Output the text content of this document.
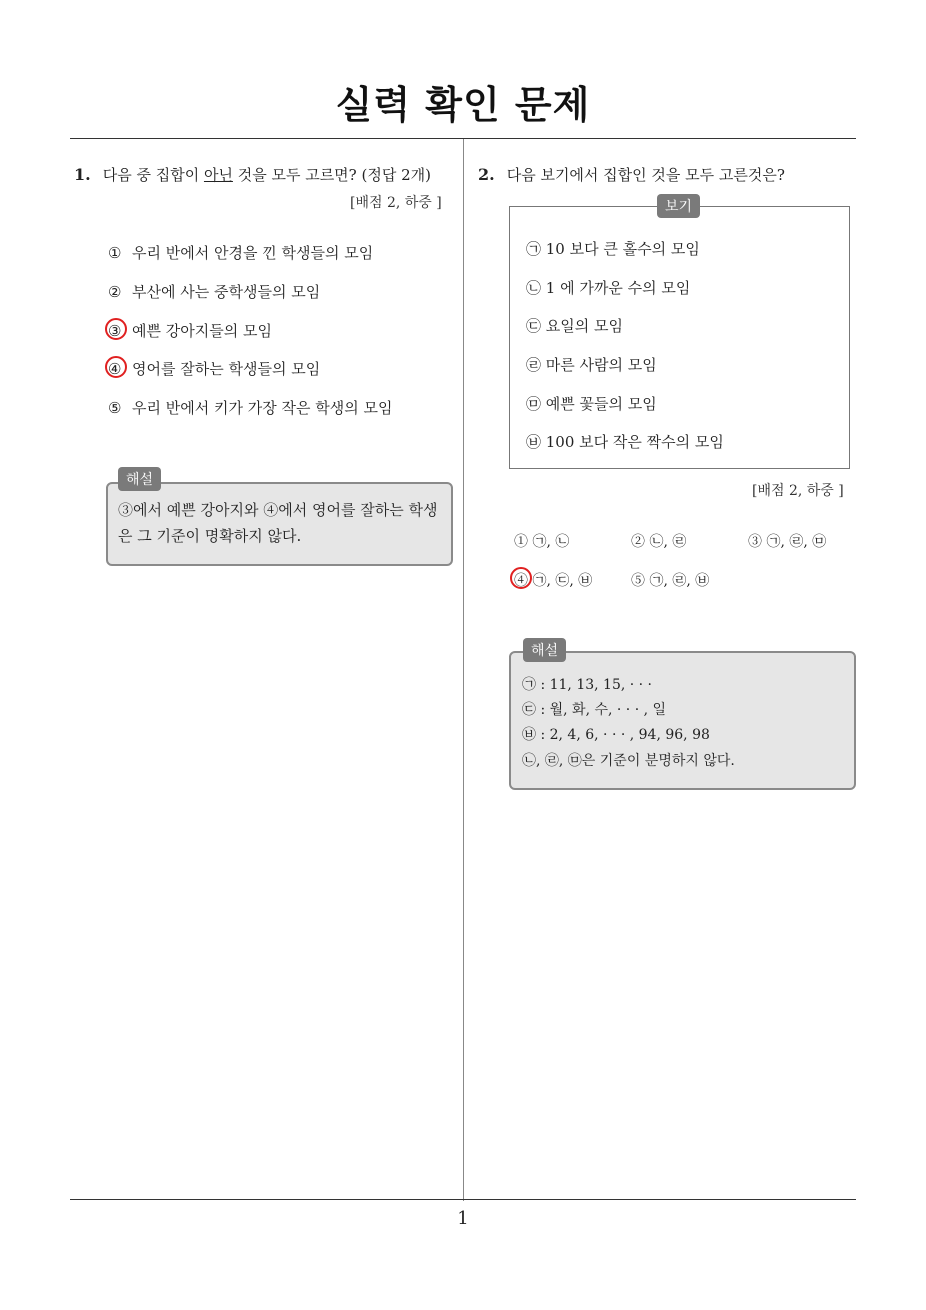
실력 확인 문제
1. 다음 중 집합이 아닌 것을 모두 고르면? (정답 2개)
[배점 2, 하중 ]
① 우리 반에서 안경을 낀 학생들의 모임
② 부산에 사는 중학생들의 모임
③ 예쁜 강아지들의 모임
④ 영어를 잘하는 학생들의 모임
⑤ 우리 반에서 키가 가장 작은 학생의 모임
해설
③에서 예쁜 강아지와 ④에서 영어를 잘하는 학생
은 그 기준이 명확하지 않다.
2. 다음 보기에서 집합인 것을 모두 고른것은?
보기
㉠ 10 보다 큰 홀수의 모임
㉡ 1 에 가까운 수의 모임
㉢ 요일의 모임
㉣ 마른 사람의 모임
㉤ 예쁜 꽃들의 모임
㉥ 100 보다 작은 짝수의 모임
[배점 2, 하중 ]
① ㉠, ㉡	② ㉡, ㉣	③ ㉠, ㉣, ㉤
④ ㉠, ㉢, ㉥	⑤ ㉠, ㉣, ㉥
해설
㉠ : 11, 13, 15, · · ·
㉢ : 월, 화, 수, · · · , 일
㉥ : 2, 4, 6, · · · , 94, 96, 98
㉡, ㉣, ㉤은 기준이 분명하지 않다.
1
